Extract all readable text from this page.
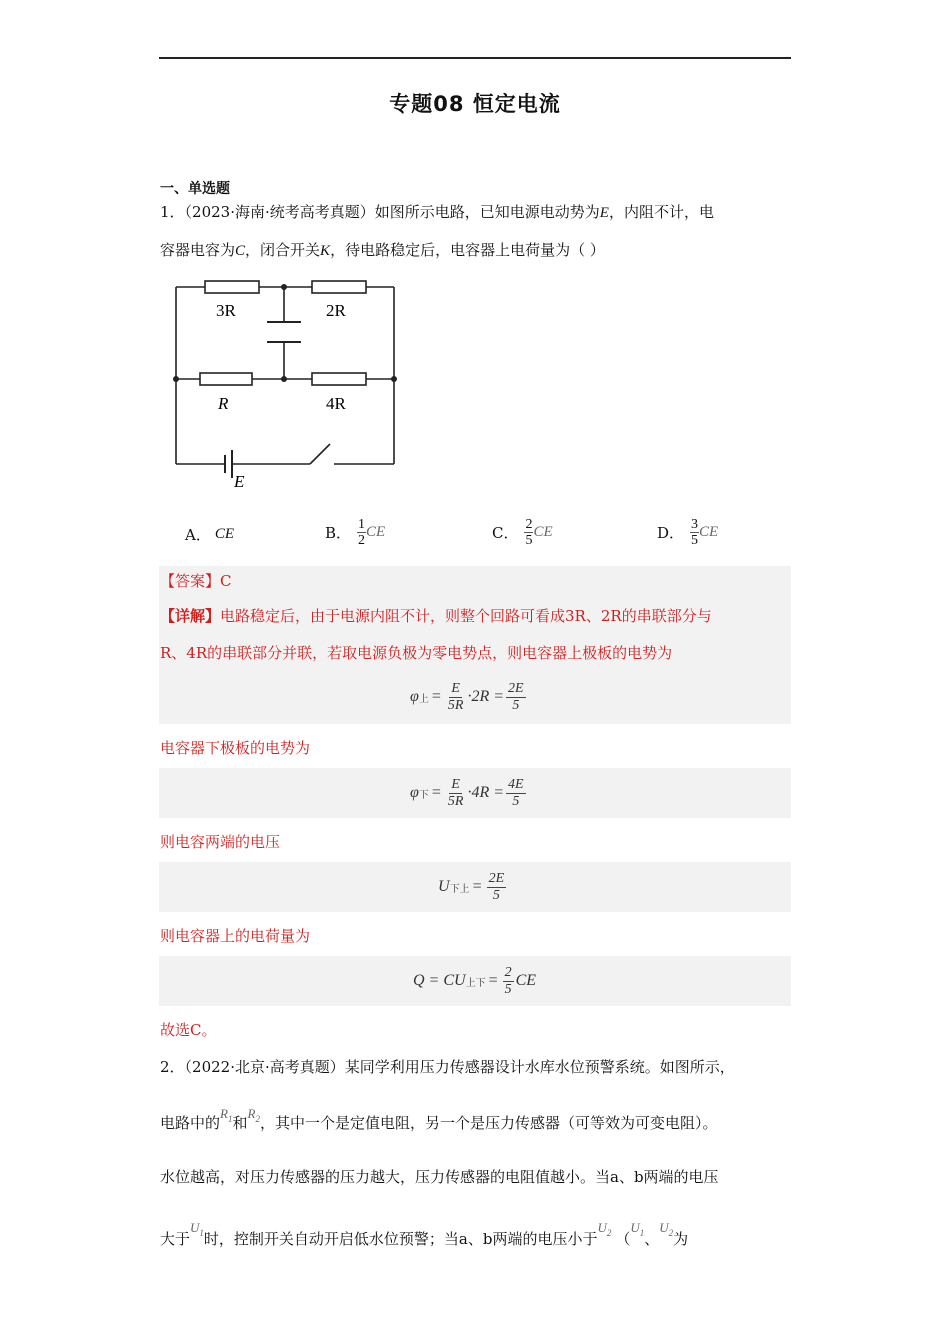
专题08 恒定电流
一、单选题
1．（2023·海南·统考高考真题）如图所示电路，已知电源电动势为E，内阻不计，电
容器电容为C，闭合开关K，待电路稳定后，电容器上电荷量为（ ）
3R	2R
R	4R
E
A． CE	B． $\frac{1}{2}$ CE	C． $\frac{2}{5}$ CE	D． $\frac{3}{5}$ CE
【答案】C
【详解】电路稳定后，由于电源内阻不计，则整个回路可看成3R、2R的串联部分与
R、4R的串联部分并联，若取电源负极为零电势点，则电容器上极板的电势为
φ 上 = $\frac{E}{5R} \cdot 2R = \frac{2E}{5}$
电容器下极板的电势为
φ 下 = $\frac{E}{5R} \cdot 4R = \frac{4E}{5}$
则电容两端的电压
U 下上 = $\frac{2E}{5}$
则电容器上的电荷量为
Q = CU 上下 = $\frac{2}{5}$ CE
故选C。
2．（2022·北京·高考真题）某同学利用压力传感器设计水库水位预警系统。如图所示，
电路中的$R_1$和$R_2$，其中一个是定值电阻，另一个是压力传感器（可等效为可变电阻）。
水位越高，对压力传感器的压力越大，压力传感器的电阻值越小。当a、b两端的电压
大于$U_1$时，控制开关自动开启低水位预警；当a、b两端的电压小于$U_2$ （$U_1$、$U_2$为
